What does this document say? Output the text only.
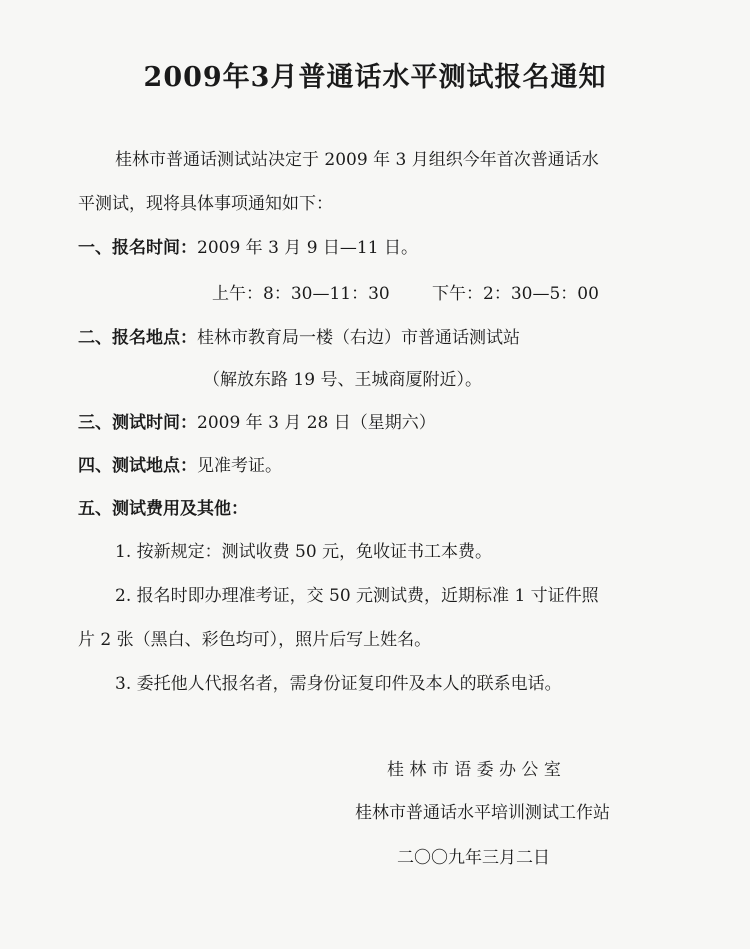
2009年3月普通话水平测试报名通知
桂林市普通话测试站决定于 2009 年 3 月组织今年首次普通话水
平测试，现将具体事项通知如下：
一、报名时间：2009 年 3 月 9 日—11 日。
上午：8：30—11：30 下午：2：30—5：00
二、报名地点：桂林市教育局一楼（右边）市普通话测试站
（解放东路 19 号、王城商厦附近）。
三、测试时间：2009 年 3 月 28 日（星期六）
四、测试地点：见准考证。
五、测试费用及其他：
1. 按新规定：测试收费 50 元，免收证书工本费。
2. 报名时即办理准考证，交 50 元测试费，近期标准 1 寸证件照
片 2 张（黑白、彩色均可），照片后写上姓名。
3. 委托他人代报名者，需身份证复印件及本人的联系电话。
桂 林 市 语 委 办 公 室
桂林市普通话水平培训测试工作站
二〇〇九年三月二日
